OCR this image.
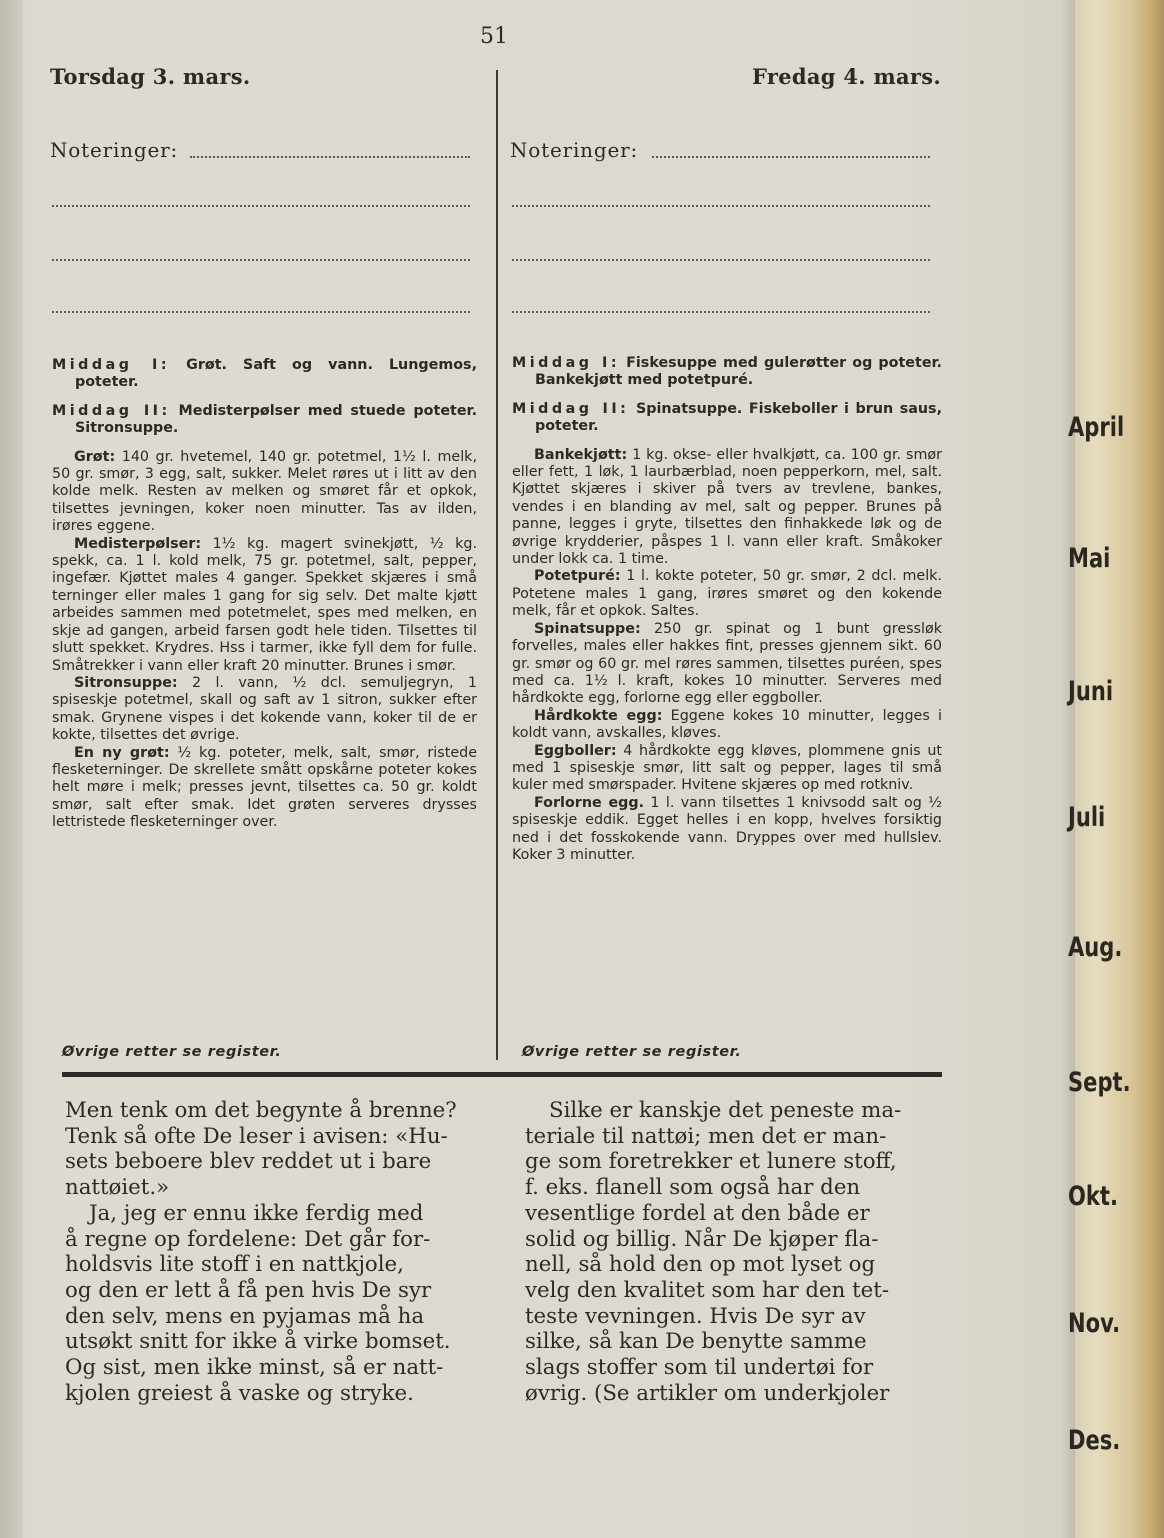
51
Torsdag 3. mars.	Fredag 4. mars.
Noteringer:	Noteringer:

Middag I: Grøt. Saft og vann. Lungemos, poteter.

Middag II: Medisterpølser med stuede poteter. Sitronsuppe.

Grøt: 140 gr. hvetemel, 140 gr. potetmel, 1½ l. melk, 50 gr. smør, 3 egg, salt, sukker. Melet røres ut i litt av den kolde melk. Resten av melken og smøret får et opkok, tilsettes jevningen, koker noen minutter. Tas av ilden, irøres eggene.

Medisterpølser: 1½ kg. magert svinekjøtt, ½ kg. spekk, ca. 1 l. kold melk, 75 gr. potetmel, salt, pepper, ingefær. Kjøttet males 4 ganger. Spekket skjæres i små terninger eller males 1 gang for sig selv. Det malte kjøtt arbeides sammen med potetmelet, spes med melken, en skje ad gangen, arbeid farsen godt hele tiden. Tilsettes til slutt spekket. Krydres. Hss i tarmer, ikke fyll dem for fulle. Småtrekker i vann eller kraft 20 minutter. Brunes i smør.

Sitronsuppe: 2 l. vann, ½ dcl. semuljegryn, 1 spiseskje potetmel, skall og saft av 1 sitron, sukker efter smak. Grynene vispes i det kokende vann, koker til de er kokte, tilsettes det øvrige.

En ny grøt: ½ kg. poteter, melk, salt, smør, ristede flesketerninger. De skrellete smått opskårne poteter kokes helt møre i melk; presses jevnt, tilsettes ca. 50 gr. koldt smør, salt efter smak. Idet grøten serveres drysses lettristede flesketerninger over.

Middag I: Fiskesuppe med gulerøtter og poteter. Bankekjøtt med potetpuré.

Middag II: Spinatsuppe. Fiskeboller i brun saus, poteter.

Bankekjøtt: 1 kg. okse- eller hvalkjøtt, ca. 100 gr. smør eller fett, 1 løk, 1 laurbærblad, noen pepperkorn, mel, salt. Kjøttet skjæres i skiver på tvers av trevlene, bankes, vendes i en blanding av mel, salt og pepper. Brunes på panne, legges i gryte, tilsettes den finhakkede løk og de øvrige krydderier, påspes 1 l. vann eller kraft. Småkoker under lokk ca. 1 time.

Potetpuré: 1 l. kokte poteter, 50 gr. smør, 2 dcl. melk. Potetene males 1 gang, irøres smøret og den kokende melk, får et opkok. Saltes.

Spinatsuppe: 250 gr. spinat og 1 bunt gressløk forvelles, males eller hakkes fint, presses gjennem sikt. 60 gr. smør og 60 gr. mel røres sammen, tilsettes puréen, spes med ca. 1½ l. kraft, kokes 10 minutter. Serveres med hårdkokte egg, forlorne egg eller eggboller.

Hårdkokte egg: Eggene kokes 10 minutter, legges i koldt vann, avskalles, kløves.

Eggboller: 4 hårdkokte egg kløves, plommene gnis ut med 1 spiseskje smør, litt salt og pepper, lages til små kuler med smørspader. Hvitene skjæres op med rotkniv.

Forlorne egg. 1 l. vann tilsettes 1 knivsodd salt og ½ spiseskje eddik. Egget helles i en kopp, hvelves forsiktig ned i det fosskokende vann. Dryppes over med hullslev. Koker 3 minutter.

Øvrige retter se register.	Øvrige retter se register.

Men tenk om det begynte å brenne?

Tenk så ofte De leser i avisen: «Hu-

sets beboere blev reddet ut i bare

nattøiet.»

Ja, jeg er ennu ikke ferdig med

å regne op fordelene: Det går for-

holdsvis lite stoff i en nattkjole,

og den er lett å få pen hvis De syr

den selv, mens en pyjamas må ha

utsøkt snitt for ikke å virke bomset.

Og sist, men ikke minst, så er natt-

kjolen greiest å vaske og stryke.

Silke er kanskje det peneste ma-

teriale til nattøi; men det er man-

ge som foretrekker et lunere stoff,

f. eks. flanell som også har den

vesentlige fordel at den både er

solid og billig. Når De kjøper fla-

nell, så hold den op mot lyset og

velg den kvalitet som har den tet-

teste vevningen. Hvis De syr av

silke, så kan De benytte samme

slags stoffer som til undertøi for

øvrig. (Se artikler om underkjoler

April
Mai
Juni
Juli
Aug.
Sept.
Okt.
Nov.
Des.
